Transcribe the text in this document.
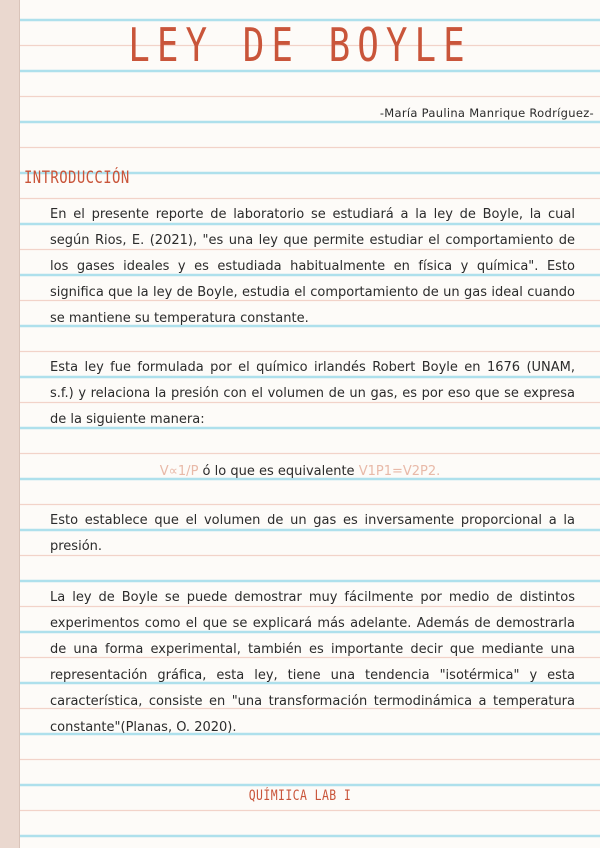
LEY DE BOYLE

-María Paulina Manrique Rodríguez-

INTRODUCCIÓN

En el presente reporte de laboratorio se estudiará a la ley de Boyle, la cual según Rios, E. (2021), "es una ley que permite estudiar el comportamiento de los gases ideales y es estudiada habitualmente en física y química". Esto significa que la ley de Boyle, estudia el comportamiento de un gas ideal cuando se mantiene su temperatura constante.

Esta ley fue formulada por el químico irlandés Robert Boyle en 1676 (UNAM, s.f.) y relaciona la presión con el volumen de un gas, es por eso que se expresa de la siguiente manera:

V∝1/P ó lo que es equivalente V1P1=V2P2.

Esto establece que el volumen de un gas es inversamente proporcional a la presión.

La ley de Boyle se puede demostrar muy fácilmente por medio de distintos experimentos como el que se explicará más adelante. Además de demostrarla de una forma experimental, también es importante decir que mediante una representación gráfica, esta ley, tiene una tendencia "isotérmica" y esta característica, consiste en "una transformación termodinámica a temperatura constante"(Planas, O. 2020).

QUÍMIICA LAB I
